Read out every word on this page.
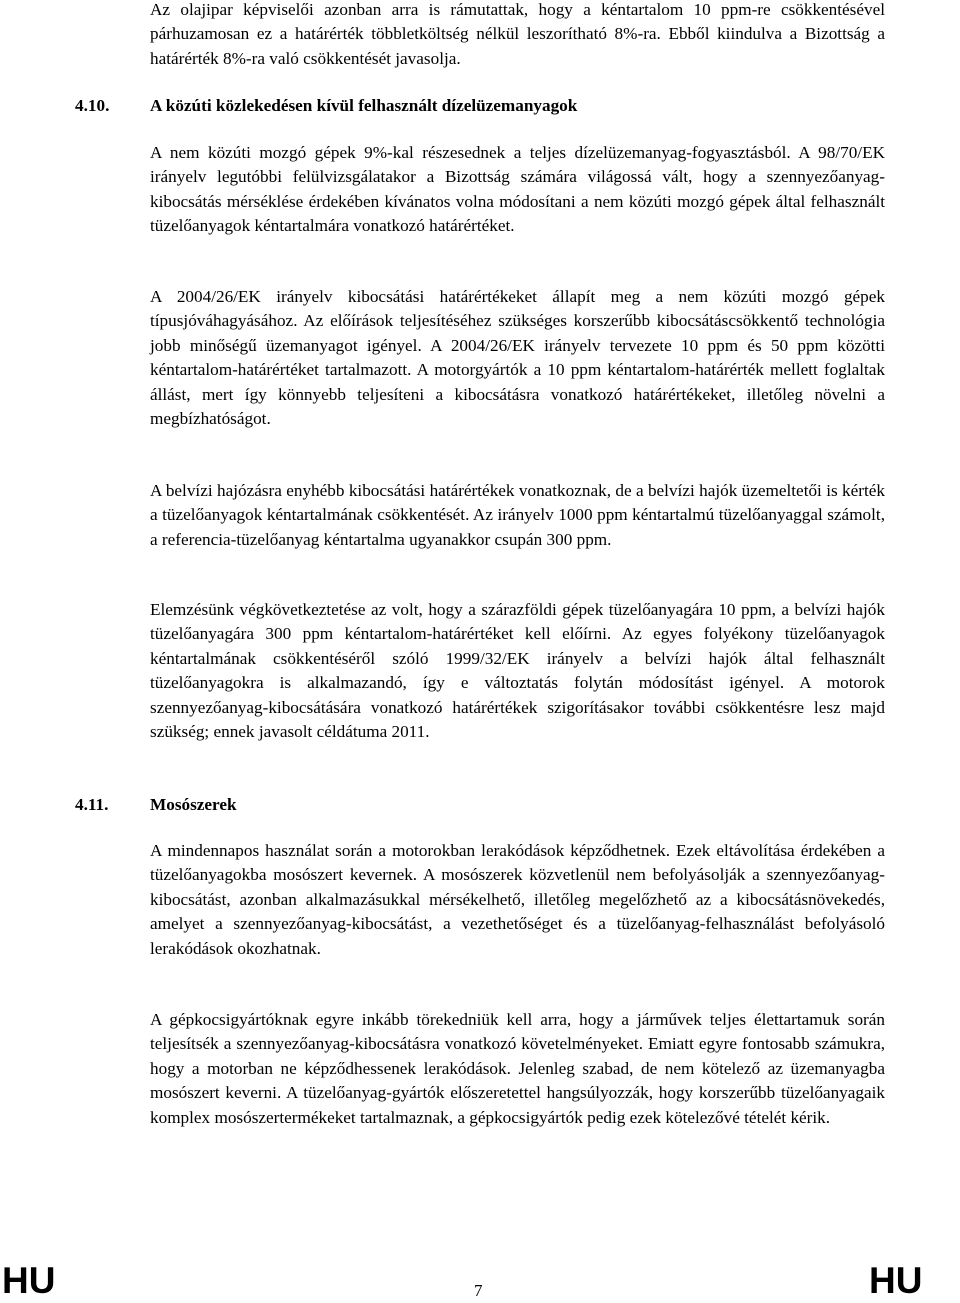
Az olajipar képviselői azonban arra is rámutattak, hogy a kéntartalom 10 ppm-re csökkentésével párhuzamosan ez a határérték többletköltség nélkül leszorítható 8%-ra. Ebből kiindulva a Bizottság a határérték 8%-ra való csökkentését javasolja.

4.10. A közúti közlekedésen kívül felhasznált dízelüzemanyagok

A nem közúti mozgó gépek 9%-kal részesednek a teljes dízelüzemanyag-fogyasztásból. A 98/70/EK irányelv legutóbbi felülvizsgálatakor a Bizottság számára világossá vált, hogy a szennyezőanyag-kibocsátás mérséklése érdekében kívánatos volna módosítani a nem közúti mozgó gépek által felhasznált tüzelőanyagok kéntartalmára vonatkozó határértéket.

A 2004/26/EK irányelv kibocsátási határértékeket állapít meg a nem közúti mozgó gépek típusjóváhagyásához. Az előírások teljesítéséhez szükséges korszerűbb kibocsátáscsökkentő technológia jobb minőségű üzemanyagot igényel. A 2004/26/EK irányelv tervezete 10 ppm és 50 ppm közötti kéntartalom-határértéket tartalmazott. A motorgyártók a 10 ppm kéntartalom-határérték mellett foglaltak állást, mert így könnyebb teljesíteni a kibocsátásra vonatkozó határértékeket, illetőleg növelni a megbízhatóságot.

A belvízi hajózásra enyhébb kibocsátási határértékek vonatkoznak, de a belvízi hajók üzemeltetői is kérték a tüzelőanyagok kéntartalmának csökkentését. Az irányelv 1000 ppm kéntartalmú tüzelőanyaggal számolt, a referencia-tüzelőanyag kéntartalma ugyanakkor csupán 300 ppm.

Elemzésünk végkövetkeztetése az volt, hogy a szárazföldi gépek tüzelőanyagára 10 ppm, a belvízi hajók tüzelőanyagára 300 ppm kéntartalom-határértéket kell előírni. Az egyes folyékony tüzelőanyagok kéntartalmának csökkentéséről szóló 1999/32/EK irányelv a belvízi hajók által felhasznált tüzelőanyagokra is alkalmazandó, így e változtatás folytán módosítást igényel. A motorok szennyezőanyag-kibocsátására vonatkozó határértékek szigorításakor további csökkentésre lesz majd szükség; ennek javasolt céldátuma 2011.

4.11. Mosószerek

A mindennapos használat során a motorokban lerakódások képződhetnek. Ezek eltávolítása érdekében a tüzelőanyagokba mosószert kevernek. A mosószerek közvetlenül nem befolyásolják a szennyezőanyag-kibocsátást, azonban alkalmazásukkal mérsékelhető, illetőleg megelőzhető az a kibocsátásnövekedés, amelyet a szennyezőanyag-kibocsátást, a vezethetőséget és a tüzelőanyag-felhasználást befolyásoló lerakódások okozhatnak.

A gépkocsigyártóknak egyre inkább törekedniük kell arra, hogy a járművek teljes élettartamuk során teljesítsék a szennyezőanyag-kibocsátásra vonatkozó követelményeket. Emiatt egyre fontosabb számukra, hogy a motorban ne képződhessenek lerakódások. Jelenleg szabad, de nem kötelező az üzemanyagba mosószert keverni. A tüzelőanyag-gyártók előszeretettel hangsúlyozzák, hogy korszerűbb tüzelőanyagaik komplex mosószertermékeket tartalmaznak, a gépkocsigyártók pedig ezek kötelezővé tételét kérik.

HU	7	HU
